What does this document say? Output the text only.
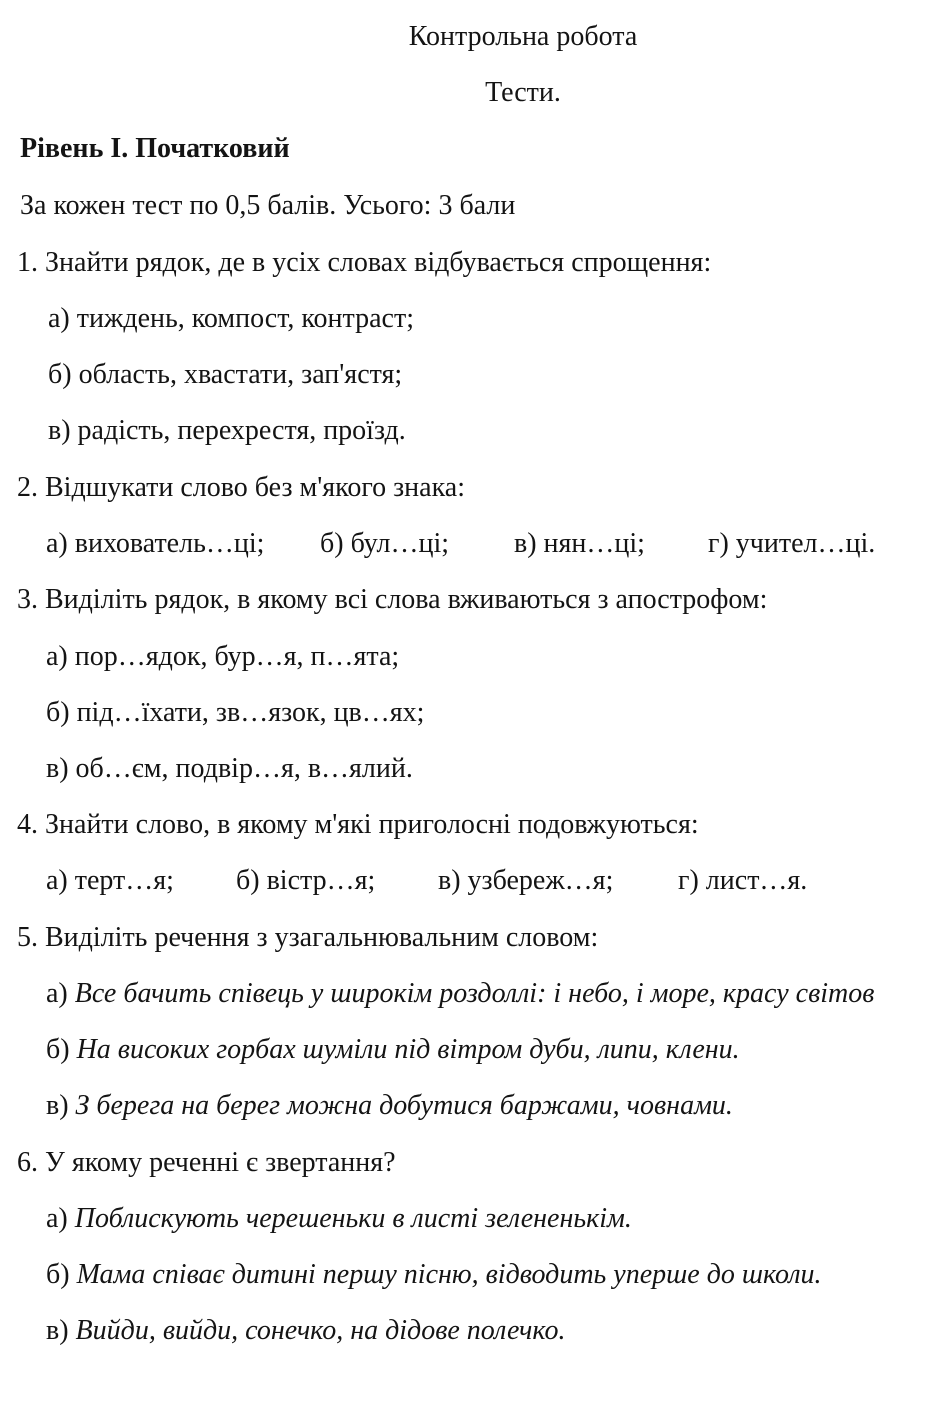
Контрольна робота
Тести.
Рівень І. Початковий
За кожен тест по 0,5 балів. Усього: 3 бали
1. Знайти рядок, де в усіх словах відбувається спрощення:
а) тиждень, компост, контраст;
б) область, хвастати, зап'ястя;
в) радість, перехрестя, проїзд.
2. Відшукати слово без м'якого знака:
а) вихователь…ці; б) бул…ці; в) нян…ці; г) учител…ці.
3. Виділіть рядок, в якому всі слова вживаються з апострофом:
а) пор…ядок, бур…я, п…ята;
б) під…їхати, зв…язок, цв…ях;
в) об…єм, подвір…я, в…ялий.
4. Знайти слово, в якому м'які приголосні подовжуються:
а) терт…я; б) вістр…я; в) узбереж…я; г) лист…я.
5. Виділіть речення з узагальнювальним словом:
а) Все бачить співець у широкім роздоллі: і небо, і море, красу світов
б) На високих горбах шуміли під вітром дуби, липи, клени.
в) З берега на берег можна добутися баржами, човнами.
6. У якому реченні є звертання?
а) Поблискують черешеньки в листі зелененькім.
б) Мама співає дитині першу пісню, відводить уперше до школи.
в) Вийди, вийди, сонечко, на дідове полечко.
